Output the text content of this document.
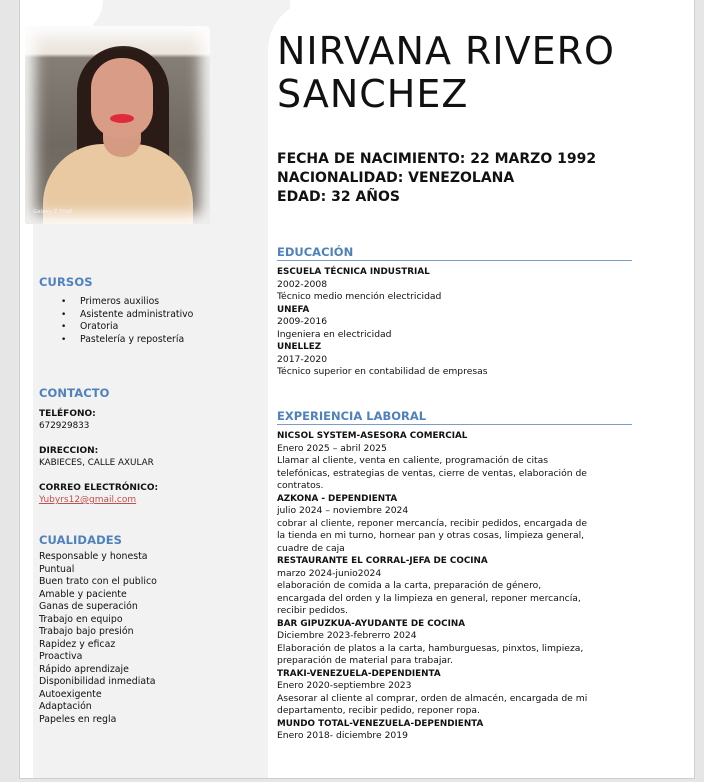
Galaxy Z Flip6
NIRVANA RIVERO
SANCHEZ
FECHA DE NACIMIENTO: 22 MARZO 1992
NACIONALIDAD: VENEZOLANA
EDAD: 32 AÑOS
CURSOS
• Primeros auxilios
• Asistente administrativo
• Oratoria
• Pastelería y repostería
CONTACTO
TELÉFONO:
672929833
DIRECCION:
KABIECES, CALLE AXULAR
CORREO ELECTRÓNICO:
Yubyrs12@gmail.com
CUALIDADES
Responsable y honesta
Puntual
Buen trato con el publico
Amable y paciente
Ganas de superación
Trabajo en equipo
Trabajo bajo presión
Rapidez y eficaz
Proactiva
Rápido aprendizaje
Disponibilidad inmediata
Autoexigente
Adaptación
Papeles en regla
EDUCACIÓN
ESCUELA TÉCNICA INDUSTRIAL
2002-2008
Técnico medio mención electricidad
UNEFA
2009-2016
Ingeniera en electricidad
UNELLEZ
2017-2020
Técnico superior en contabilidad de empresas
EXPERIENCIA LABORAL
NICSOL SYSTEM-ASESORA COMERCIAL
Enero 2025 – abril 2025
Llamar al cliente, venta en caliente, programación de citas
telefónicas, estrategias de ventas, cierre de ventas, elaboración de
contratos.
AZKONA - DEPENDIENTA
julio 2024 – noviembre 2024
cobrar al cliente, reponer mercancía, recibir pedidos, encargada de
la tienda en mi turno, hornear pan y otras cosas, limpieza general,
cuadre de caja
RESTAURANTE EL CORRAL-JEFA DE COCINA
marzo 2024-junio2024
elaboración de comida a la carta, preparación de género,
encargada del orden y la limpieza en general, reponer mercancía,
recibir pedidos.
BAR GIPUZKUA-AYUDANTE DE COCINA
Diciembre 2023-febrerro 2024
Elaboración de platos a la carta, hamburguesas, pinxtos, limpieza,
preparación de material para trabajar.
TRAKI-VENEZUELA-DEPENDIENTA
Enero 2020-septiembre 2023
Asesorar al cliente al comprar, orden de almacén, encargada de mi
departamento, recibir pedido, reponer ropa.
MUNDO TOTAL-VENEZUELA-DEPENDIENTA
Enero 2018- diciembre 2019
